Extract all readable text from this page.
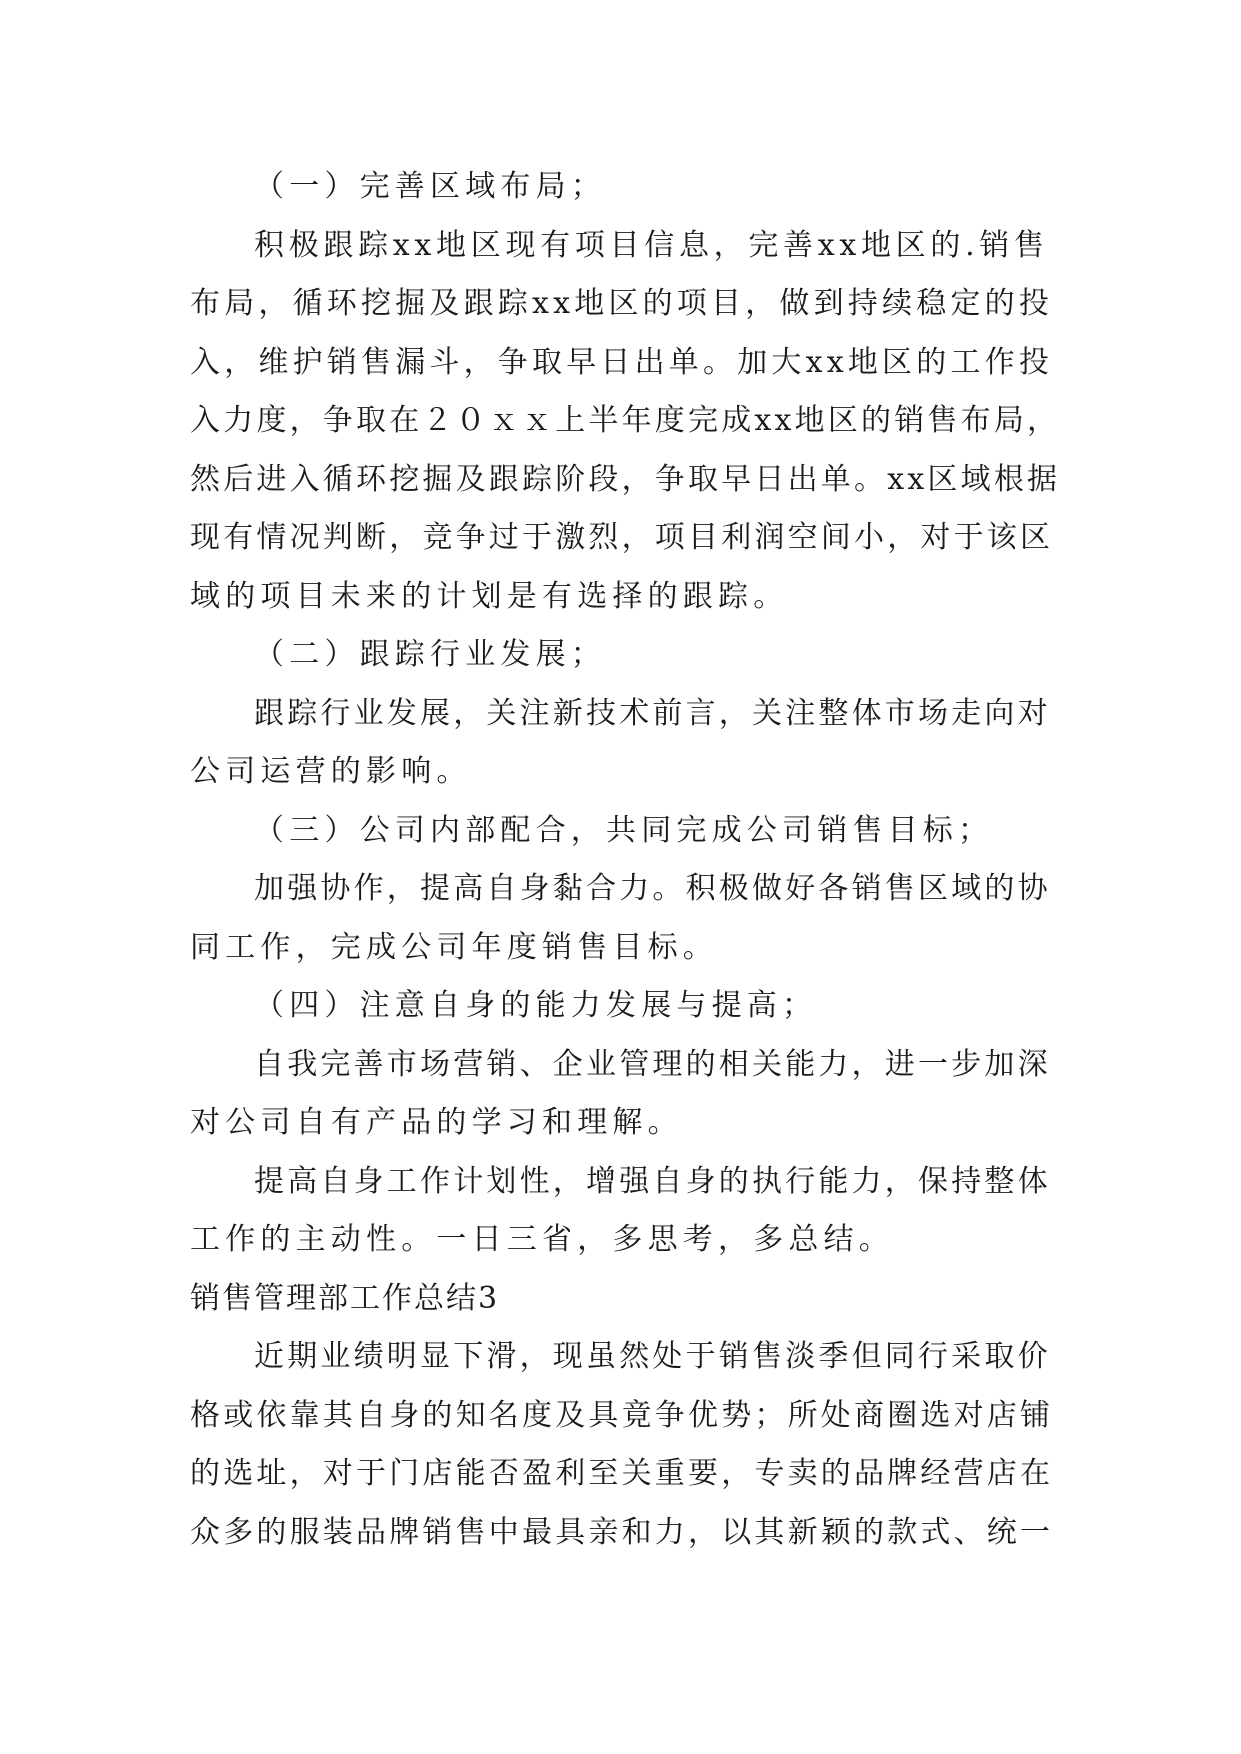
（一）完善区域布局；
积极跟踪xx地区现有项目信息，完善xx地区的.销售
布局，循环挖掘及跟踪xx地区的项目，做到持续稳定的投
入，维护销售漏斗，争取早日出单。加大xx地区的工作投
入力度，争取在２０ｘｘ上半年度完成xx地区的销售布局，
然后进入循环挖掘及跟踪阶段，争取早日出单。xx区域根据
现有情况判断，竞争过于激烈，项目利润空间小，对于该区
域的项目未来的计划是有选择的跟踪。
（二）跟踪行业发展；
跟踪行业发展，关注新技术前言，关注整体市场走向对
公司运营的影响。
（三）公司内部配合，共同完成公司销售目标；
加强协作，提高自身黏合力。积极做好各销售区域的协
同工作，完成公司年度销售目标。
（四）注意自身的能力发展与提高；
自我完善市场营销、企业管理的相关能力，进一步加深
对公司自有产品的学习和理解。
提高自身工作计划性，增强自身的执行能力，保持整体
工作的主动性。一日三省，多思考，多总结。
销售管理部工作总结3
近期业绩明显下滑，现虽然处于销售淡季但同行采取价
格或依靠其自身的知名度及具竟争优势；所处商圈选对店铺
的选址，对于门店能否盈利至关重要，专卖的品牌经营店在
众多的服装品牌销售中最具亲和力，以其新颖的款式、统一
